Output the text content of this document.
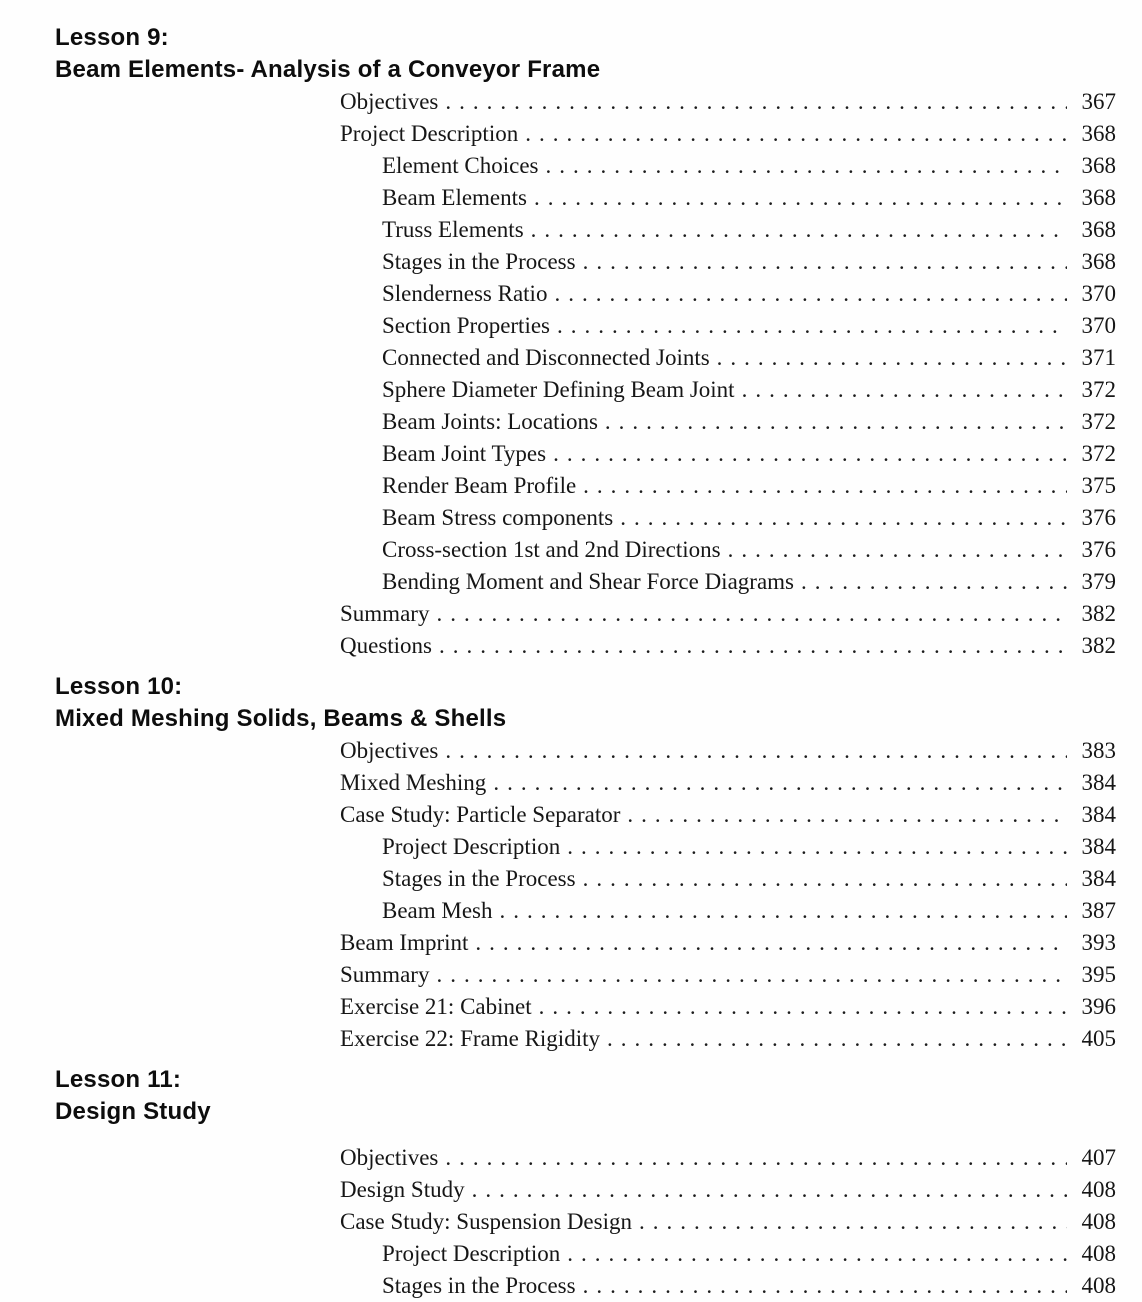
Lesson 9:
Beam Elements- Analysis of a Conveyor Frame
Objectives .....	367
Project Description .....	368
Element Choices .....	368
Beam Elements .....	368
Truss Elements .....	368
Stages in the Process .....	368
Slenderness Ratio .....	370
Section Properties .....	370
Connected and Disconnected Joints .....	371
Sphere Diameter Defining Beam Joint .....	372
Beam Joints: Locations .....	372
Beam Joint Types .....	372
Render Beam Profile .....	375
Beam Stress components .....	376
Cross-section 1st and 2nd Directions .....	376
Bending Moment and Shear Force Diagrams .....	379
Summary .....	382
Questions .....	382
Lesson 10:
Mixed Meshing Solids, Beams & Shells
Objectives .....	383
Mixed Meshing .....	384
Case Study: Particle Separator .....	384
Project Description .....	384
Stages in the Process .....	384
Beam Mesh .....	387
Beam Imprint .....	393
Summary .....	395
Exercise 21: Cabinet .....	396
Exercise 22: Frame Rigidity .....	405
Lesson 11:
Design Study
Objectives .....	407
Design Study .....	408
Case Study: Suspension Design .....	408
Project Description .....	408
Stages in the Process .....	408
